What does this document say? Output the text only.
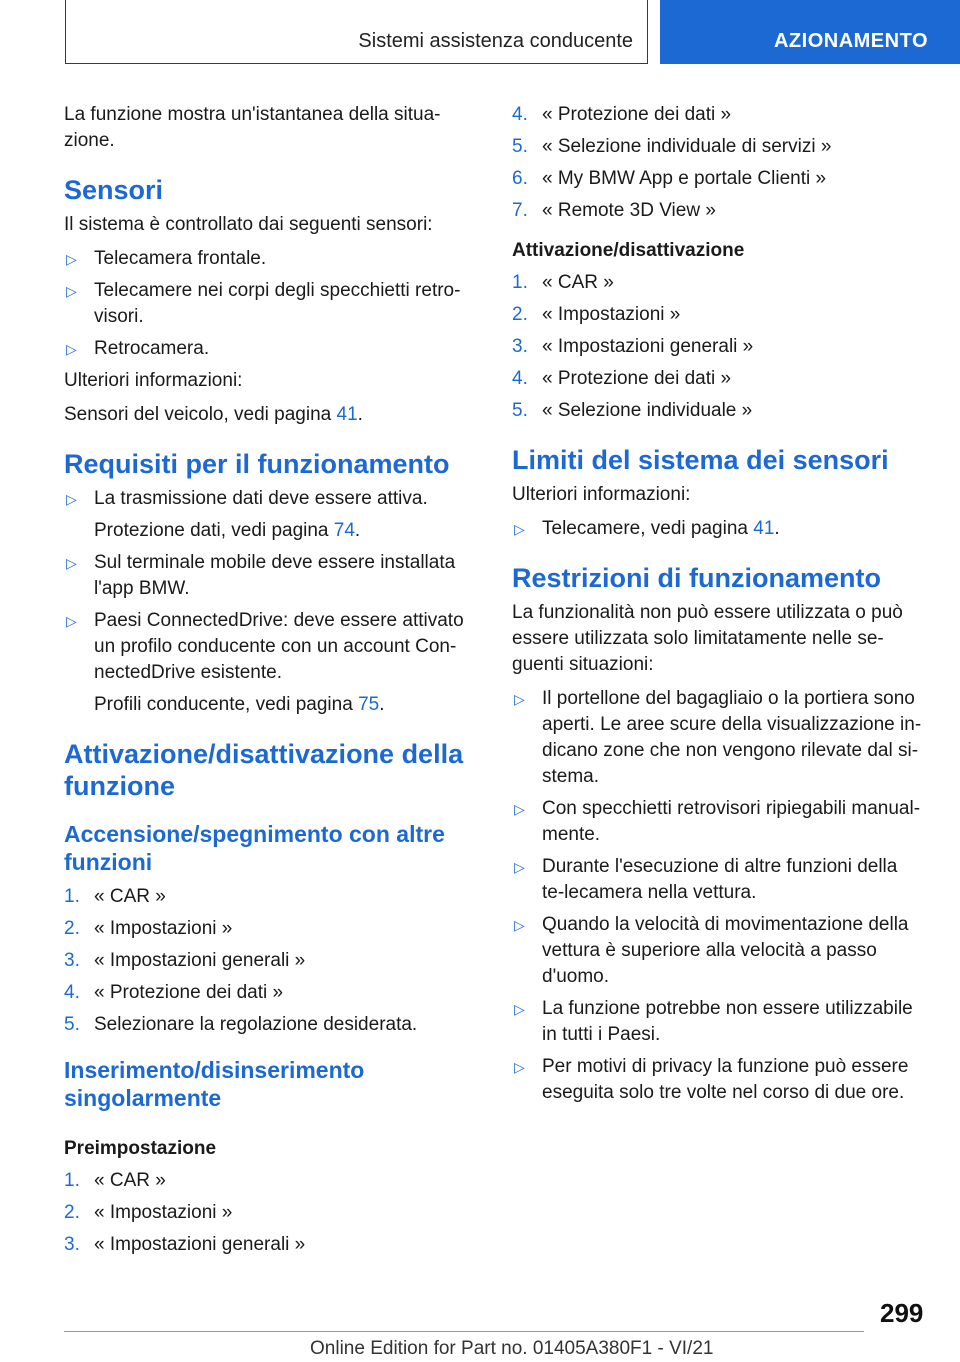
Sistemi assistenza conducente	AZIONAMENTO

La funzione mostra un'istantanea della situa-zione.

Sensori

Il sistema è controllato dai seguenti sensori:

▷ Telecamera frontale.
▷ Telecamere nei corpi degli specchietti retro-visori.
▷ Retrocamera.

Ulteriori informazioni:

Sensori del veicolo, vedi pagina 41.

Requisiti per il funzionamento
▷ La trasmissione dati deve essere attiva.
Protezione dati, vedi pagina 74.
▷ Sul terminale mobile deve essere installata l'app BMW.
▷ Paesi ConnectedDrive: deve essere attivato un profilo conducente con un account Con-nectedDrive esistente.
Profili conducente, vedi pagina 75.
Attivazione/disattivazione della funzione
Accensione/spegnimento con altre funzioni
1. « CAR »
2. « Impostazioni »
3. « Impostazioni generali »
4. « Protezione dei dati »
5. Selezionare la regolazione desiderata.
Inserimento/disinserimento singolarmente
Preimpostazione
1. « CAR »
2. « Impostazioni »
3. « Impostazioni generali »
4. « Protezione dei dati »
5. « Selezione individuale di servizi »
6. « My BMW App e portale Clienti »
7. « Remote 3D View »
Attivazione/disattivazione
1. « CAR »
2. « Impostazioni »
3. « Impostazioni generali »
4. « Protezione dei dati »
5. « Selezione individuale »
Limiti del sistema dei sensori

Ulteriori informazioni:

▷ Telecamere, vedi pagina 41.
Restrizioni di funzionamento

La funzionalità non può essere utilizzata o può essere utilizzata solo limitatamente nelle se-guenti situazioni:

▷ Il portellone del bagagliaio o la portiera sono aperti. Le aree scure della visualizzazione in-dicano zone che non vengono rilevate dal si-stema.
▷ Con specchietti retrovisori ripiegabili manual-mente.
▷ Durante l'esecuzione di altre funzioni della te-lecamera nella vettura.
▷ Quando la velocità di movimentazione della vettura è superiore alla velocità a passo d'uomo.
▷ La funzione potrebbe non essere utilizzabile in tutti i Paesi.
▷ Per motivi di privacy la funzione può essere eseguita solo tre volte nel corso di due ore.
299
Online Edition for Part no. 01405A380F1 - VI/21
